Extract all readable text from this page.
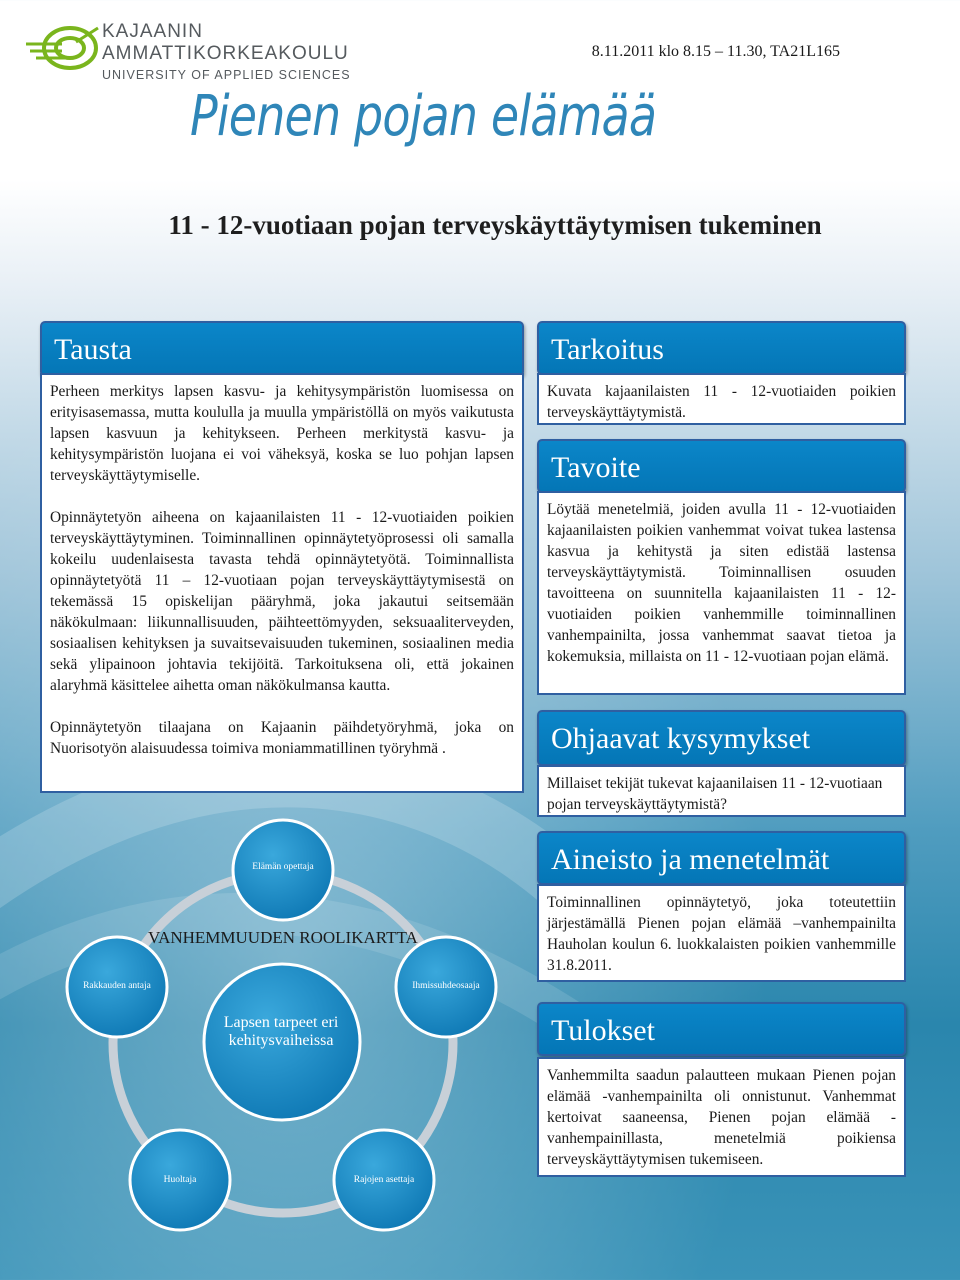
KAJAANIN
AMMATTIKORKEAKOULU
UNIVERSITY OF APPLIED SCIENCES
8.11.2011 klo 8.15 – 11.30, TA21L165
Pienen pojan elämää
11 - 12-vuotiaan pojan terveyskäyttäytymisen tukeminen
Tausta

Perheen merkitys lapsen kasvu- ja kehitysympäristön luomisessa on erityisasemassa, mutta koululla ja muulla ympäristöllä on myös vaikutusta lapsen kasvuun ja kehitykseen. Perheen merkitystä kasvu- ja kehitysympäristön luojana ei voi väheksyä, koska se luo pohjan lapsen terveyskäyttäytymiselle.

Opinnäytetyön aiheena on kajaanilaisten 11 - 12-vuotiaiden poikien terveyskäyttäytyminen. Toiminnallinen opinnäytetyöprosessi oli samalla kokeilu uudenlaisesta tavasta tehdä opinnäytetyötä. Toiminnallista opinnäytetyötä 11 – 12-vuotiaan pojan terveyskäyttäytymisestä on tekemässä 15 opiskelijan pääryhmä, joka jakautui seitsemään näkökulmaan: liikunnallisuuden, päihteettömyyden, seksuaaliterveyden, sosiaalisen kehityksen ja suvaitsevaisuuden tukeminen, sosiaalinen media sekä ylipainoon johtavia tekijöitä. Tarkoituksena oli, että jokainen alaryhmä käsittelee aihetta oman näkökulmansa kautta.

Opinnäytetyön tilaajana on Kajaanin päihdetyöryhmä, joka on Nuorisotyön alaisuudessa toimiva moniammatillinen työryhmä .

Tarkoitus

Kuvata kajaanilaisten 11 - 12-vuotiaiden poikien terveyskäyttäytymistä.

Tavoite

Löytää menetelmiä, joiden avulla 11 - 12-vuotiaiden kajaanilaisten poikien vanhemmat voivat tukea lastensa kasvua ja kehitystä ja siten edistää lastensa terveyskäyttäytymistä. Toiminnallisen osuuden tavoitteena on suunnitella kajaanilaisten 11 - 12-vuotiaiden poikien vanhemmille toiminnallinen vanhempainilta, jossa vanhemmat saavat tietoa ja kokemuksia, millaista on 11 - 12-vuotiaan pojan elämä.

Ohjaavat kysymykset

Millaiset tekijät tukevat kajaanilaisen 11 - 12-vuotiaan pojan terveyskäyttäytymistä?

Aineisto ja menetelmät

Toiminnallinen opinnäytetyö, joka toteutettiin järjestämällä Pienen pojan elämää –vanhempainilta Hauholan koulun 6. luokkalaisten poikien vanhemmille 31.8.2011.

Tulokset

Vanhemmilta saadun palautteen mukaan Pienen pojan elämää -vanhempainilta oli onnistunut. Vanhemmat kertoivat saaneensa, Pienen pojan elämää -vanhempainillasta, menetelmiä poikiensa terveyskäyttäytymisen tukemiseen.

VANHEMMUUDEN ROOLIKARTTA
Lapsen tarpeet eri kehitysvaiheissa
Elämän opettaja
Ihmissuhdeosaaja
Rajojen asettaja
Huoltaja
Rakkauden antaja
